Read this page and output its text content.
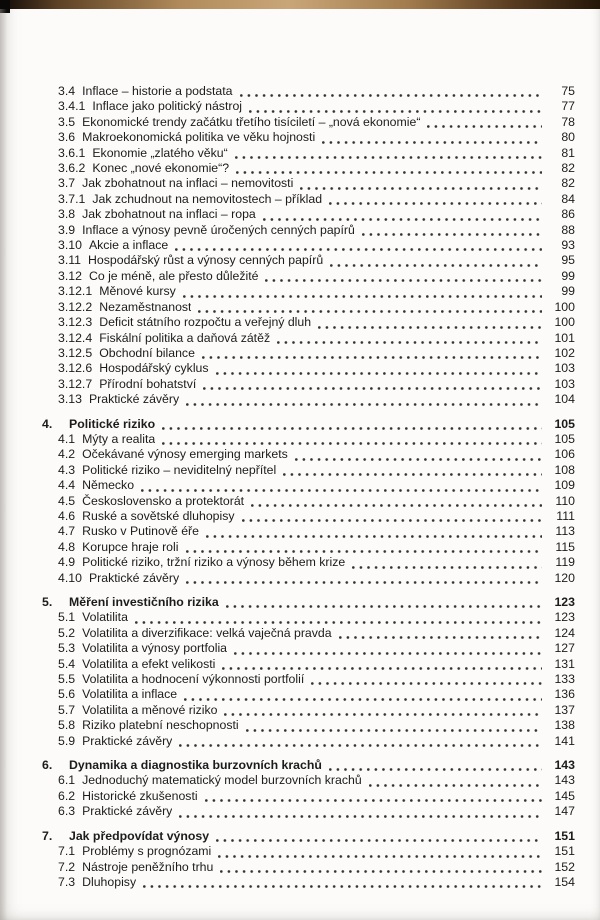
3.4 Inflace – historie a podstata	75
3.4.1 Inflace jako politický nástroj	77
3.5 Ekonomické trendy začátku třetího tisíciletí – „nová ekonomie“	78
3.6 Makroekonomická politika ve věku hojnosti	80
3.6.1 Ekonomie „zlatého věku“	81
3.6.2 Konec „nové ekonomie“?	82
3.7 Jak zbohatnout na inflaci – nemovitosti	82
3.7.1 Jak zchudnout na nemovitostech – příklad	84
3.8 Jak zbohatnout na inflaci – ropa	86
3.9 Inflace a výnosy pevně úročených cenných papírů	88
3.10 Akcie a inflace	93
3.11 Hospodářský růst a výnosy cenných papírů	95
3.12 Co je méně, ale přesto důležité	99
3.12.1 Měnové kursy	99
3.12.2 Nezaměstnanost	100
3.12.3 Deficit státního rozpočtu a veřejný dluh	100
3.12.4 Fiskální politika a daňová zátěž	101
3.12.5 Obchodní bilance	102
3.12.6 Hospodářský cyklus	103
3.12.7 Přírodní bohatství	103
3.13 Praktické závěry	104
4.	Politické riziko	105
4.1 Mýty a realita	105
4.2 Očekávané výnosy emerging markets	106
4.3 Politické riziko – neviditelný nepřítel	108
4.4 Německo	109
4.5 Československo a protektorát	110
4.6 Ruské a sovětské dluhopisy	111
4.7 Rusko v Putinově éře	113
4.8 Korupce hraje roli	115
4.9 Politické riziko, tržní riziko a výnosy během krize	119
4.10 Praktické závěry	120
5.	Měření investičního rizika	123
5.1 Volatilita	123
5.2 Volatilita a diverzifikace: velká vaječná pravda	124
5.3 Volatilita a výnosy portfolia	127
5.4 Volatilita a efekt velikosti	131
5.5 Volatilita a hodnocení výkonnosti portfolií	133
5.6 Volatilita a inflace	136
5.7 Volatilita a měnové riziko	137
5.8 Riziko platební neschopnosti	138
5.9 Praktické závěry	141
6.	Dynamika a diagnostika burzovních krachů	143
6.1 Jednoduchý matematický model burzovních krachů	143
6.2 Historické zkušenosti	145
6.3 Praktické závěry	147
7.	Jak předpovídat výnosy	151
7.1 Problémy s prognózami	151
7.2 Nástroje peněžního trhu	152
7.3 Dluhopisy	154
